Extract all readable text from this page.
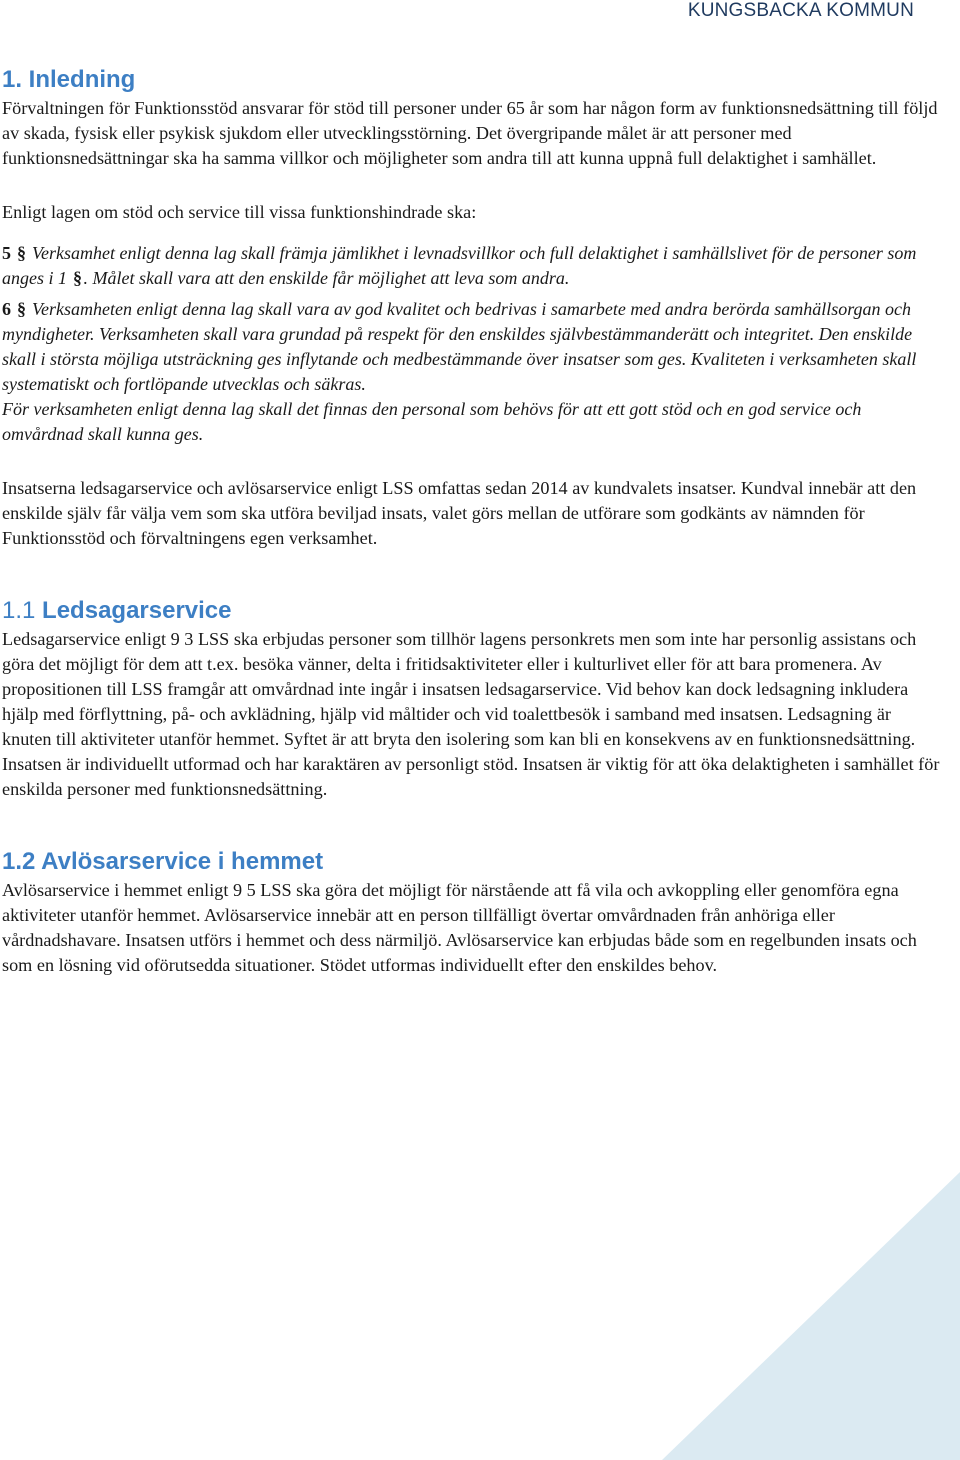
KUNGSBACKA KOMMUN
1. Inledning

Förvaltningen för Funktionsstöd ansvarar för stöd till personer under 65 år som har någon form av funktionsnedsättning till följd av skada, fysisk eller psykisk sjukdom eller utvecklingsstörning. Det övergripande målet är att personer med funktionsnedsättningar ska ha samma villkor och möjligheter som andra till att kunna uppnå full delaktighet i samhället.

Enligt lagen om stöd och service till vissa funktionshindrade ska:

5 § Verksamhet enligt denna lag skall främja jämlikhet i levnadsvillkor och full delaktighet i samhällslivet för de personer som anges i 1 §. Målet skall vara att den enskilde får möjlighet att leva som andra.

6 § Verksamheten enligt denna lag skall vara av god kvalitet och bedrivas i samarbete med andra berörda samhällsorgan och myndigheter. Verksamheten skall vara grundad på respekt för den enskildes självbestämmanderätt och integritet. Den enskilde skall i största möjliga utsträckning ges inflytande och medbestämmande över insatser som ges. Kvaliteten i verksamheten skall systematiskt och fortlöpande utvecklas och säkras.

För verksamheten enligt denna lag skall det finnas den personal som behövs för att ett gott stöd och en god service och omvårdnad skall kunna ges.

Insatserna ledsagarservice och avlösarservice enligt LSS omfattas sedan 2014 av kundvalets insatser. Kundval innebär att den enskilde själv får välja vem som ska utföra beviljad insats, valet görs mellan de utförare som godkänts av nämnden för Funktionsstöd och förvaltningens egen verksamhet.

1.1 Ledsagarservice

Ledsagarservice enligt 9 3 LSS ska erbjudas personer som tillhör lagens personkrets men som inte har personlig assistans och göra det möjligt för dem att t.ex. besöka vänner, delta i fritidsaktiviteter eller i kulturlivet eller för att bara promenera. Av propositionen till LSS framgår att omvårdnad inte ingår i insatsen ledsagarservice. Vid behov kan dock ledsagning inkludera hjälp med förflyttning, på- och avklädning, hjälp vid måltider och vid toalettbesök i samband med insatsen. Ledsagning är knuten till aktiviteter utanför hemmet. Syftet är att bryta den isolering som kan bli en konsekvens av en funktionsnedsättning. Insatsen är individuellt utformad och har karaktären av personligt stöd. Insatsen är viktig för att öka delaktigheten i samhället för enskilda personer med funktionsnedsättning.

1.2 Avlösarservice i hemmet

Avlösarservice i hemmet enligt 9 5 LSS ska göra det möjligt för närstående att få vila och avkoppling eller genomföra egna aktiviteter utanför hemmet. Avlösarservice innebär att en person tillfälligt övertar omvårdnaden från anhöriga eller vårdnadshavare. Insatsen utförs i hemmet och dess närmiljö. Avlösarservice kan erbjudas både som en regelbunden insats och som en lösning vid oförutsedda situationer. Stödet utformas individuellt efter den enskildes behov.
